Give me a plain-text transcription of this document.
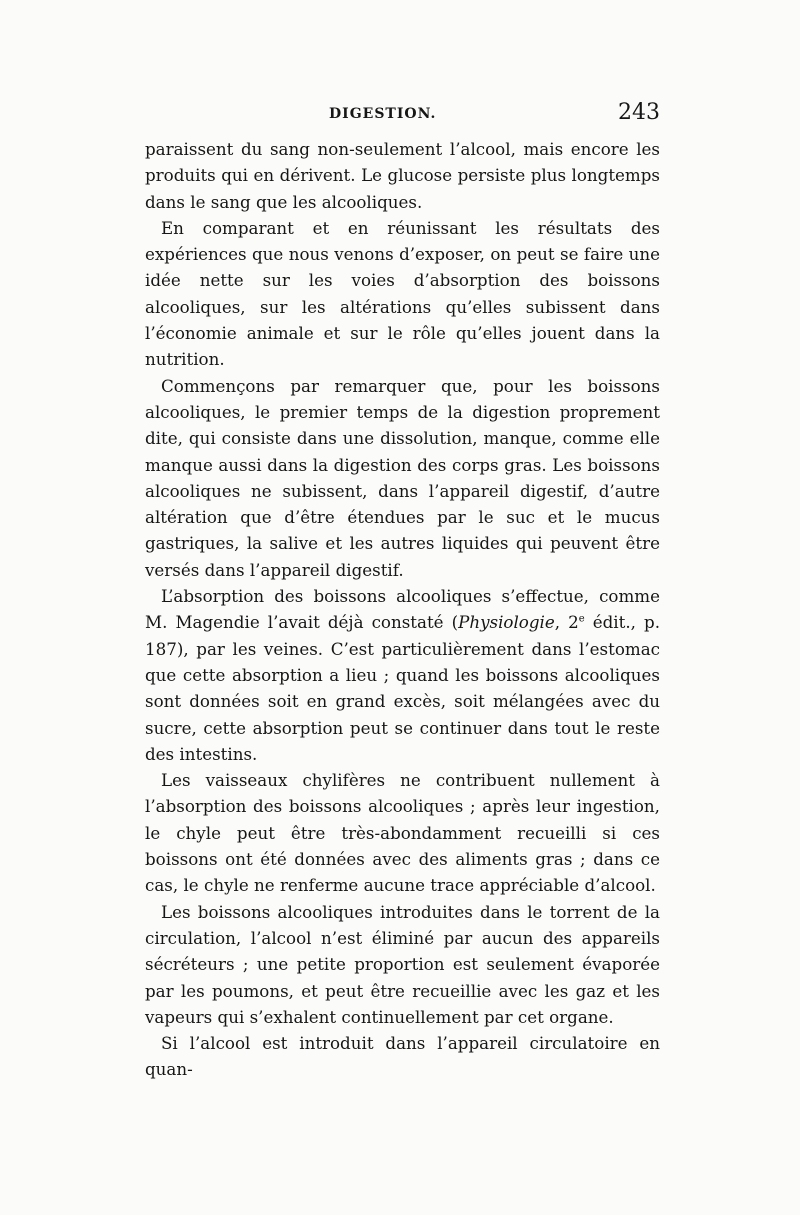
DIGESTION.	243

paraissent du sang non-seulement l’alcool, mais encore les produits qui en dérivent. Le glucose persiste plus longtemps dans le sang que les alcooliques.

En comparant et en réunissant les résultats des expériences que nous venons d’exposer, on peut se faire une idée nette sur les voies d’absorption des boissons alcooliques, sur les altérations qu’elles subissent dans l’économie animale et sur le rôle qu’elles jouent dans la nutrition.

Commençons par remarquer que, pour les boissons alcooliques, le premier temps de la digestion proprement dite, qui consiste dans une dissolution, manque, comme elle manque aussi dans la digestion des corps gras. Les boissons alcooliques ne subissent, dans l’appareil digestif, d’autre altération que d’être étendues par le suc et le mucus gastriques, la salive et les autres liquides qui peuvent être versés dans l’appareil digestif.

L’absorption des boissons alcooliques s’effectue, comme M. Magendie l’avait déjà constaté (Physiologie, 2e édit., p. 187), par les veines. C’est particulièrement dans l’estomac que cette absorption a lieu ; quand les boissons alcooliques sont données soit en grand excès, soit mélangées avec du sucre, cette absorption peut se continuer dans tout le reste des intestins.

Les vaisseaux chylifères ne contribuent nullement à l’absorption des boissons alcooliques ; après leur ingestion, le chyle peut être très-abondamment recueilli si ces boissons ont été données avec des aliments gras ; dans ce cas, le chyle ne renferme aucune trace appréciable d’alcool.

Les boissons alcooliques introduites dans le torrent de la circulation, l’alcool n’est éliminé par aucun des appareils sécréteurs ; une petite proportion est seulement évaporée par les poumons, et peut être recueillie avec les gaz et les vapeurs qui s’exhalent continuellement par cet organe.

Si l’alcool est introduit dans l’appareil circulatoire en quan-
